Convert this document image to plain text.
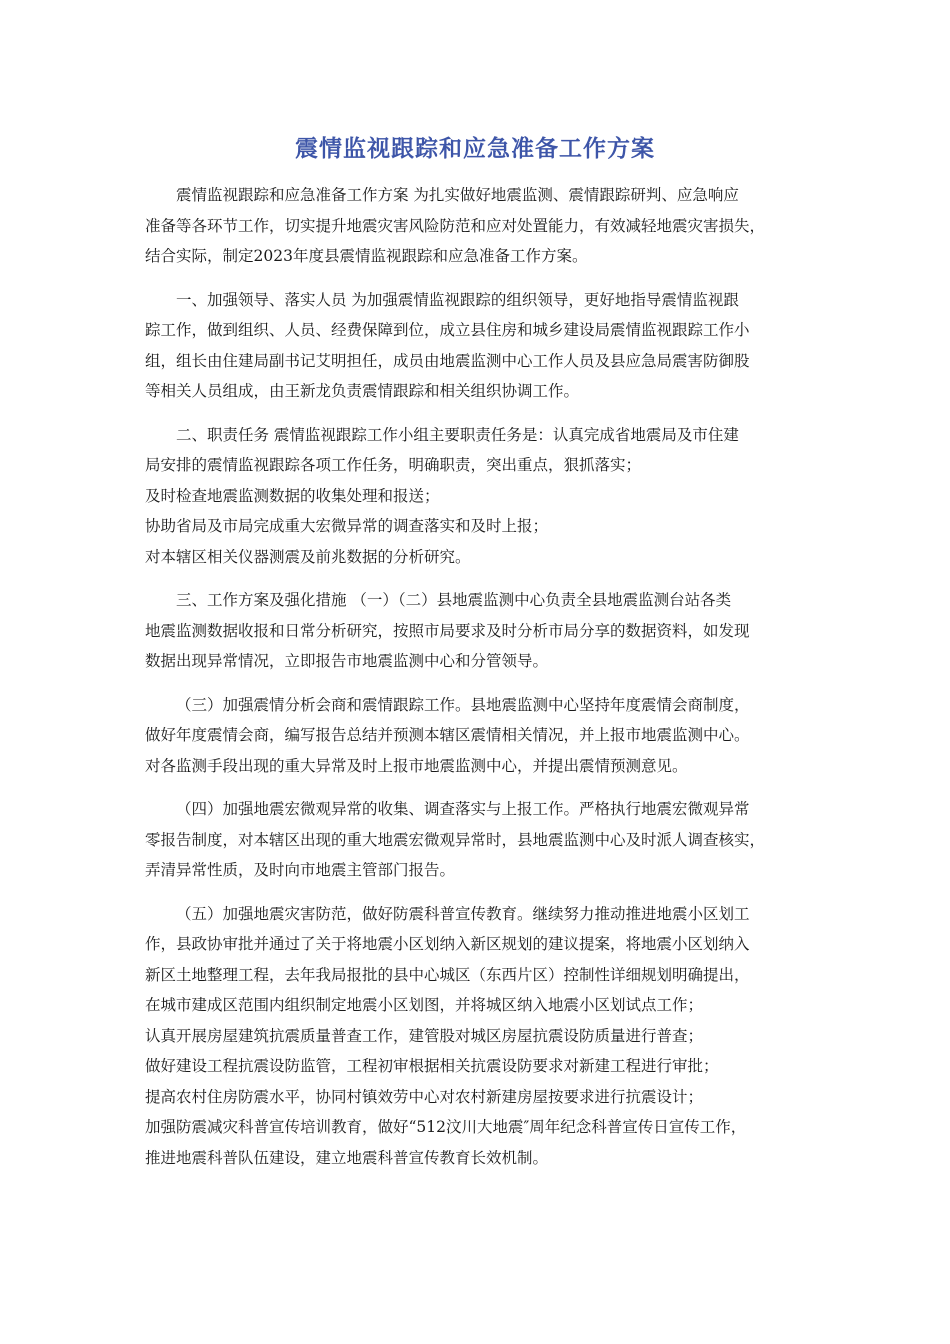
震情监视跟踪和应急准备工作方案
震情监视跟踪和应急准备工作方案 为扎实做好地震监测、震情跟踪研判、应急响应
准备等各环节工作，切实提升地震灾害风险防范和应对处置能力，有效减轻地震灾害损失，
结合实际，制定2023年度县震情监视跟踪和应急准备工作方案。
一、加强领导、落实人员 为加强震情监视跟踪的组织领导，更好地指导震情监视跟
踪工作，做到组织、人员、经费保障到位，成立县住房和城乡建设局震情监视跟踪工作小
组，组长由住建局副书记艾明担任，成员由地震监测中心工作人员及县应急局震害防御股
等相关人员组成，由王新龙负责震情跟踪和相关组织协调工作。
二、职责任务 震情监视跟踪工作小组主要职责任务是：认真完成省地震局及市住建
局安排的震情监视跟踪各项工作任务，明确职责，突出重点，狠抓落实；
及时检查地震监测数据的收集处理和报送；
协助省局及市局完成重大宏微异常的调查落实和及时上报；
对本辖区相关仪器测震及前兆数据的分析研究。
三、工作方案及强化措施 （一）（二）县地震监测中心负责全县地震监测台站各类
地震监测数据收报和日常分析研究，按照市局要求及时分析市局分享的数据资料，如发现
数据出现异常情况，立即报告市地震监测中心和分管领导。
（三）加强震情分析会商和震情跟踪工作。县地震监测中心坚持年度震情会商制度，
做好年度震情会商，编写报告总结并预测本辖区震情相关情况，并上报市地震监测中心。
对各监测手段出现的重大异常及时上报市地震监测中心，并提出震情预测意见。
（四）加强地震宏微观异常的收集、调查落实与上报工作。严格执行地震宏微观异常
零报告制度，对本辖区出现的重大地震宏微观异常时，县地震监测中心及时派人调查核实，
弄清异常性质，及时向市地震主管部门报告。
（五）加强地震灾害防范，做好防震科普宣传教育。继续努力推动推进地震小区划工
作，县政协审批并通过了关于将地震小区划纳入新区规划的建议提案，将地震小区划纳入
新区土地整理工程，去年我局报批的县中心城区（东西片区）控制性详细规划明确提出，
在城市建成区范围内组织制定地震小区划图，并将城区纳入地震小区划试点工作；
认真开展房屋建筑抗震质量普查工作，建管股对城区房屋抗震设防质量进行普查；
做好建设工程抗震设防监管，工程初审根据相关抗震设防要求对新建工程进行审批；
提高农村住房防震水平，协同村镇效劳中心对农村新建房屋按要求进行抗震设计；
加强防震减灾科普宣传培训教育，做好“512汶川大地震″周年纪念科普宣传日宣传工作，
推进地震科普队伍建设，建立地震科普宣传教育长效机制。
